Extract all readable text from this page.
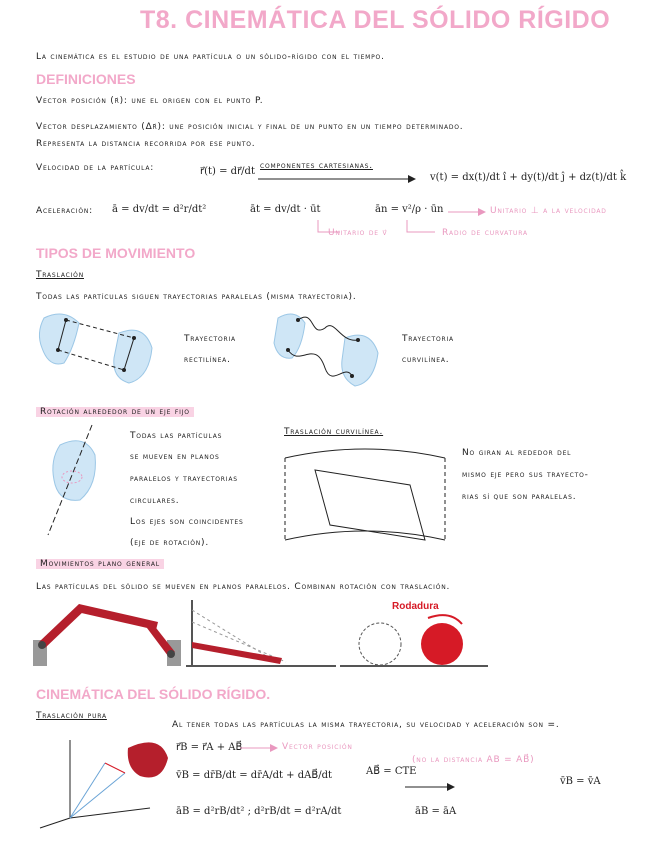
T8. CINEMÁTICA DEL SÓLIDO RÍGIDO
La cinemática es el estudio de una partícula o un sólido-rígido con el tiempo.
DEFINICIONES
Vector posición (r⃗): une el origen con el punto P.
Vector desplazamiento (Δr⃗): une posición inicial y final de un punto en un tiempo determinado.
Representa la distancia recorrida por ese punto.
Velocidad de la partícula:	r⃗(t) = dr⃗/dt componentes cartesianas.
v(t) = dx(t)/dt î + dy(t)/dt ĵ + dz(t)/dt k̂
Aceleración: ā = dv/dt = d²r/dt²	āt = dv/dt · ūt	ān = v²/ρ · ūn	Unitario ⊥ a la velocidad
Unitario de v⃗	Radio de curvatura
TIPOS DE MOVIMIENTO
Traslación
Todas las partículas siguen trayectorias paralelas (misma trayectoria).
Trayectoria
rectilínea.
Trayectoria
curvilínea.
Rotación alrededor de un eje fijo
Todas las partículas
se mueven en planos
paralelos y trayectorias
circulares.
Los ejes son coincidentes
(eje de rotación).
Traslación curvilínea.
No giran al rededor del
mismo eje pero sus trayecto-
rias sí que son paralelas.
Movimientos plano general
Las partículas del sólido se mueven en planos paralelos. Combinan rotación con traslación.
Rodadura
CINEMÁTICA DEL SÓLIDO RÍGIDO.
Traslación pura
Al tener todas las partículas la misma trayectoria, su velocidad y aceleración son =.
r⃗B = r⃗A + AB⃗	Vector posición
(no la distancia AB = AB⃗)
v̄B = dr̄B/dt = dr̄A/dt + dAB⃗/dt	AB⃗ = CTE
v̄B = v̄A
āB = d²rB/dt² ; d²rB/dt = d²rA/dt	āB = āA
